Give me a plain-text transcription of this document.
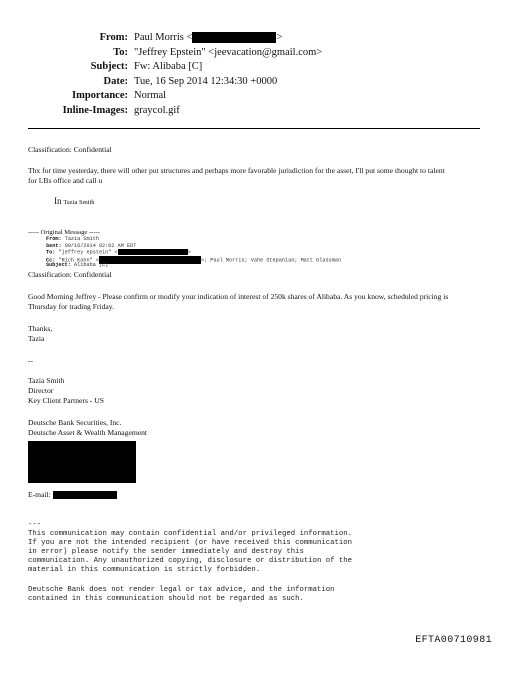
From: Paul Morris <	>
To: "Jeffrey Epstein" <jeevacation@gmail.com>
Subject: Fw: Alibaba [C]
Date: Tue, 16 Sep 2014 12:34:30 +0000
Importance: Normal
Inline-Images: graycol.gif
Classification: Confidential
Thx for time yesterday, there will other put structures and perhaps more favorable jurisdiction for the asset, I'll put some thought to talent
for LBs office and call u
In Tazia Smith
----- Original Message -----
From: Tazia Smith
Sent: 09/16/2014 02:02 AM EDT
To: "jeffrey epstein" <	>
Cc: "Rich Kahn" <	>; Paul Morris; Vahe Stepanian; Matt Glassman
Subject: Alibaba [C]
Classification: Confidential
Good Morning Jeffrey - Please confirm or modify your indication of interest of 250k shares of Alibaba. As you know, scheduled pricing is
Thursday for trading Friday.
Thanks,
Tazia
--
Tazia Smith
Director
Key Client Partners - US
Deutsche Bank Securities, Inc.
Deutsche Asset & Wealth Management
E-mail:
---
This communication may contain confidential and/or privileged information.
If you are not the intended recipient (or have received this communication
in error) please notify the sender immediately and destroy this
communication. Any unauthorized copying, disclosure or distribution of the
material in this communication is strictly forbidden.
Deutsche Bank does not render legal or tax advice, and the information
contained in this communication should not be regarded as such.
EFTA00710981
